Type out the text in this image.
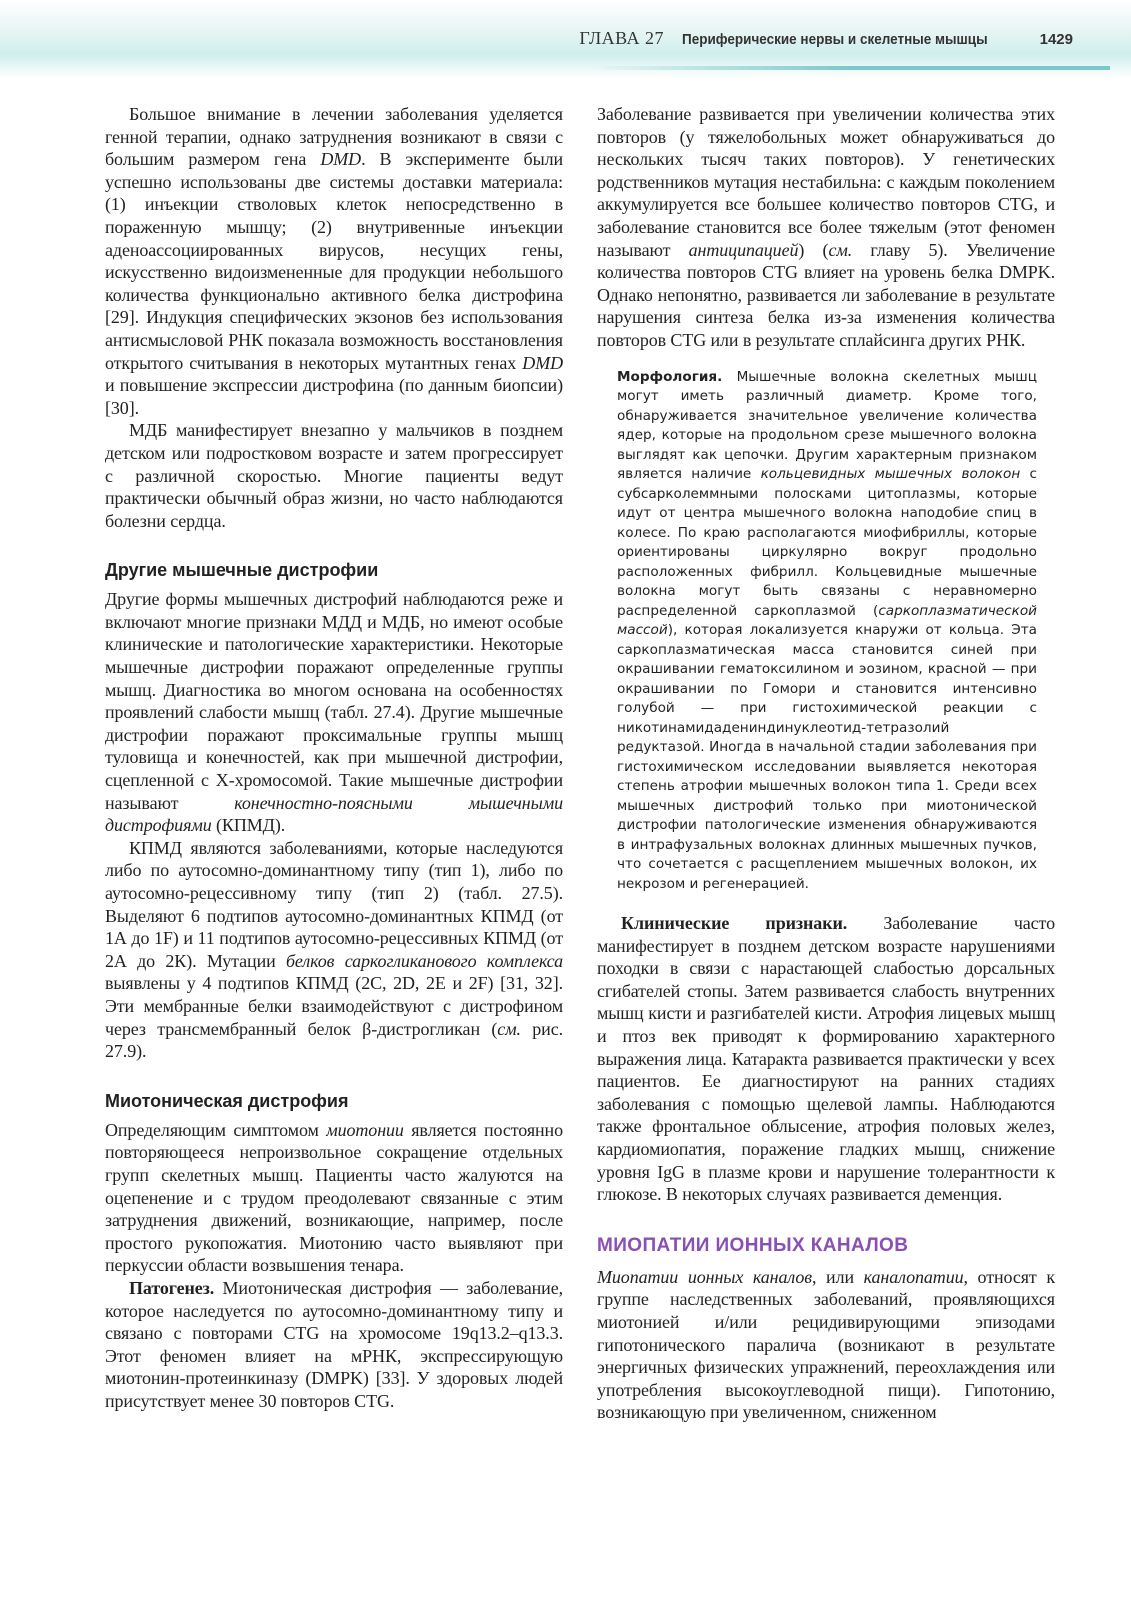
ГЛАВА 27 Периферические нервы и скелетные мышцы	1429

Большое внимание в лечении заболевания уделяется генной терапии, однако затруднения возникают в связи с большим размером гена DMD. В эксперименте были успешно использованы две системы доставки материала: (1) инъекции стволовых клеток непосредственно в пораженную мышцу; (2) внутривенные инъекции аденоассоциированных вирусов, несущих гены, искусственно видоизмененные для продукции небольшого количества функционально активного белка дистрофина [29]. Индукция специфических экзонов без использования антисмысловой РНК показала возможность восстановления открытого считывания в некоторых мутантных генах DMD и повышение экспрессии дистрофина (по данным биопсии) [30].

МДБ манифестирует внезапно у мальчиков в позднем детском или подростковом возрасте и затем прогрессирует с различной скоростью. Многие пациенты ведут практически обычный образ жизни, но часто наблюдаются болезни сердца.

Другие мышечные дистрофии

Другие формы мышечных дистрофий наблюдаются реже и включают многие признаки МДД и МДБ, но имеют особые клинические и патологические характеристики. Некоторые мышечные дистрофии поражают определенные группы мышц. Диагностика во многом основана на особенностях проявлений слабости мышц (табл. 27.4). Другие мышечные дистрофии поражают проксимальные группы мышц туловища и конечностей, как при мышечной дистрофии, сцепленной с Х-хромосомой. Такие мышечные дистрофии называют конечностно-поясными мышечными дистрофиями (КПМД).

КПМД являются заболеваниями, которые наследуются либо по аутосомно-доминантному типу (тип 1), либо по аутосомно-рецессивному типу (тип 2) (табл. 27.5). Выделяют 6 подтипов аутосомно-доминантных КПМД (от 1А до 1F) и 11 подтипов аутосомно-рецессивных КПМД (от 2А до 2К). Мутации белков саркогликанового комплекса выявлены у 4 подтипов КПМД (2С, 2D, 2Е и 2F) [31, 32]. Эти мембранные белки взаимодействуют с дистрофином через трансмембранный белок β-дистрогликан (см. рис. 27.9).

Миотоническая дистрофия

Определяющим симптомом миотонии является постоянно повторяющееся непроизвольное сокращение отдельных групп скелетных мышц. Пациенты часто жалуются на оцепенение и с трудом преодолевают связанные с этим затруднения движений, возникающие, например, после простого рукопожатия. Миотонию часто выявляют при перкуссии области возвышения тенара.

Патогенез. Миотоническая дистрофия — заболевание, которое наследуется по аутосомно-доминантному типу и связано с повторами CTG на хромосоме 19q13.2–q13.3. Этот феномен влияет на мРНК, экспрессирующую миотонин-протеинкиназу (DMPK) [33]. У здоровых людей присутствует менее 30 повторов CTG.

Заболевание развивается при увеличении количества этих повторов (у тяжелобольных может обнаруживаться до нескольких тысяч таких повторов). У генетических родственников мутация нестабильна: с каждым поколением аккумулируется все большее количество повторов CTG, и заболевание становится все более тяжелым (этот феномен называют антиципацией) (см. главу 5). Увеличение количества повторов CTG влияет на уровень белка DMPK. Однако непонятно, развивается ли заболевание в результате нарушения синтеза белка из-за изменения количества повторов CTG или в результате сплайсинга других РНК.

Морфология. Мышечные волокна скелетных мышц могут иметь различный диаметр. Кроме того, обнаруживается значительное увеличение количества ядер, которые на продольном срезе мышечного волокна выглядят как цепочки. Другим характерным признаком является наличие кольцевидных мышечных волокон с субсарколеммными полосками цитоплазмы, которые идут от центра мышечного волокна наподобие спиц в колесе. По краю располагаются миофибриллы, которые ориентированы циркулярно вокруг продольно расположенных фибрилл. Кольцевидные мышечные волокна могут быть связаны с неравномерно распределенной саркоплазмой (саркоплазматической массой), которая локализуется кнаружи от кольца. Эта саркоплазматическая масса становится синей при окрашивании гематоксилином и эозином, красной — при окрашивании по Гомори и становится интенсивно голубой — при гистохимической реакции с никотинамидадениндинуклеотид-тетразолий редуктазой. Иногда в начальной стадии заболевания при гистохимическом исследовании выявляется некоторая степень атрофии мышечных волокон типа 1. Среди всех мышечных дистрофий только при миотонической дистрофии патологические изменения обнаруживаются в интрафузальных волокнах длинных мышечных пучков, что сочетается с расщеплением мышечных волокон, их некрозом и регенерацией.

Клинические признаки. Заболевание часто манифестирует в позднем детском возрасте нарушениями походки в связи с нарастающей слабостью дорсальных сгибателей стопы. Затем развивается слабость внутренних мышц кисти и разгибателей кисти. Атрофия лицевых мышц и птоз век приводят к формированию характерного выражения лица. Катаракта развивается практически у всех пациентов. Ее диагностируют на ранних стадиях заболевания с помощью щелевой лампы. Наблюдаются также фронтальное облысение, атрофия половых желез, кардиомиопатия, поражение гладких мышц, снижение уровня IgG в плазме крови и нарушение толерантности к глюкозе. В некоторых случаях развивается деменция.

МИОПАТИИ ИОННЫХ КАНАЛОВ

Миопатии ионных каналов, или каналопатии, относят к группе наследственных заболеваний, проявляющихся миотонией и/или рецидивирующими эпизодами гипотонического паралича (возникают в результате энергичных физических упражнений, переохлаждения или употребления высокоуглеводной пищи). Гипотонию, возникающую при увеличенном, сниженном
